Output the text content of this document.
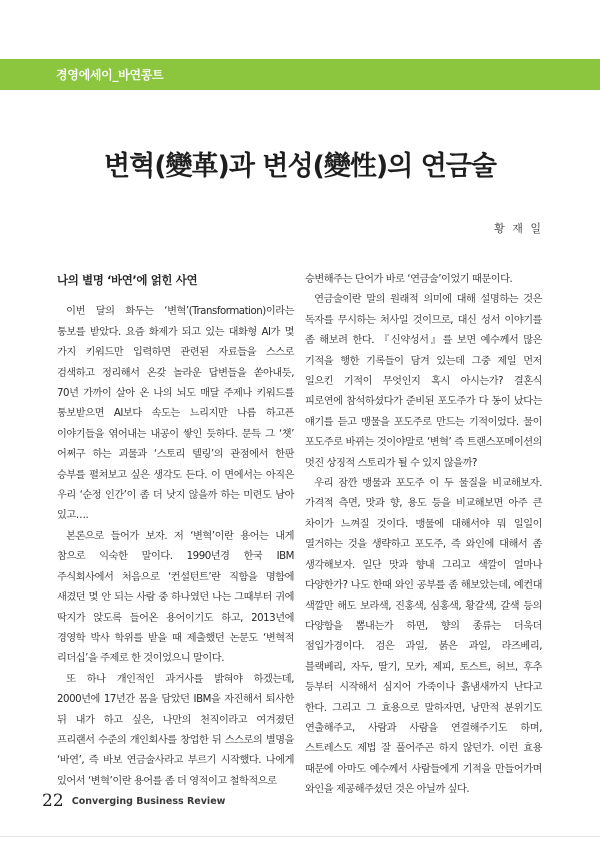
경영에세이_바연콩트
변혁(變革)과 변성(變性)의 연금술
황 재 일
나의 별명 ‘바연’에 얽힌 사연

이번 달의 화두는 ‘변혁’(Transformation)이라는 통보를 받았다. 요즘 화제가 되고 있는 대화형 AI가 몇 가지 키워드만 입력하면 관련된 자료들을 스스로 검색하고 정리해서 온갖 놀라운 답변들을 쏟아내듯, 70년 가까이 살아 온 나의 뇌도 매달 주제나 키워드를 통보받으면 AI보다 속도는 느리지만 나름 하고픈 이야기들을 엮어내는 내공이 쌓인 듯하다. 문득 그 ‘챗’ 어쩌구 하는 괴물과 ‘스토리 텔링’의 관점에서 한판 승부를 펼쳐보고 싶은 생각도 든다. 이 면에서는 아직은 우리 ‘순정 인간’이 좀 더 낫지 않을까 하는 미련도 남아 있고….

본론으로 들어가 보자. 저 ‘변혁’이란 용어는 내게 참으로 익숙한 말이다. 1990년경 한국 IBM 주식회사에서 처음으로 ‘컨설턴트’란 직함을 명함에 새겼던 몇 안 되는 사람 중 하나였던 나는 그때부터 귀에 딱지가 앉도록 들어온 용어이기도 하고, 2013년에 경영학 박사 학위를 받을 때 제출했던 논문도 ‘변혁적 리더십’을 주제로 한 것이었으니 말이다.

또 하나 개인적인 과거사를 밝혀야 하겠는데, 2000년에 17년간 몸을 담았던 IBM을 자진해서 퇴사한 뒤 내가 하고 싶은, 나만의 천직이라고 여겨졌던 프리랜서 수준의 개인회사를 창업한 뒤 스스로의 별명을 ‘바연’, 즉 바보 연금술사라고 부르기 시작했다. 나에게 있어서 ‘변혁’이란 용어를 좀 더 영적이고 철학적으로

승변해주는 단어가 바로 ‘연금술’이었기 때문이다.

연금술이란 말의 원래적 의미에 대해 설명하는 것은 독자를 무시하는 처사일 것이므로, 대신 성서 이야기를 좀 해보려 한다. 『신약성서』를 보면 예수께서 많은 기적을 행한 기록들이 담겨 있는데 그중 제일 먼저 일으킨 기적이 무엇인지 혹시 아시는가? 결혼식 피로연에 참석하셨다가 준비된 포도주가 다 동이 났다는 얘기를 듣고 맹물을 포도주로 만드는 기적이었다. 물이 포도주로 바뀌는 것이야말로 ‘변혁’ 즉 트랜스포메이션의 멋진 상징적 스토리가 될 수 있지 않을까?

우리 잠깐 맹물과 포도주 이 두 물질을 비교해보자. 가격적 측면, 맛과 향, 용도 등을 비교해보면 아주 큰 차이가 느껴질 것이다. 맹물에 대해서야 뭐 일일이 열거하는 것을 생략하고 포도주, 즉 와인에 대해서 좀 생각해보자. 일단 맛과 향내 그리고 색깔이 얼마나 다양한가? 나도 한때 와인 공부를 좀 해보았는데, 예컨대 색깔만 해도 보라색, 진홍색, 심홍색, 황갈색, 갈색 등의 다양함을 뽐내는가 하면, 향의 종류는 더욱더 점입가경이다. 검은 과일, 붉은 과일, 라즈베리, 블랙베리, 자두, 딸기, 모카, 제피, 토스트, 허브, 후추 등부터 시작해서 심지어 가죽이나 흙냄새까지 난다고 한다. 그리고 그 효용으로 말하자면, 낭만적 분위기도 연출해주고, 사람과 사람을 연결해주기도 하며, 스트레스도 제법 잘 풀어주곤 하지 않던가. 이런 효용 때문에 아마도 예수께서 사람들에게 기적을 만들어가며 와인을 제공해주셨던 것은 아닐까 싶다.

22 Converging Business Review
